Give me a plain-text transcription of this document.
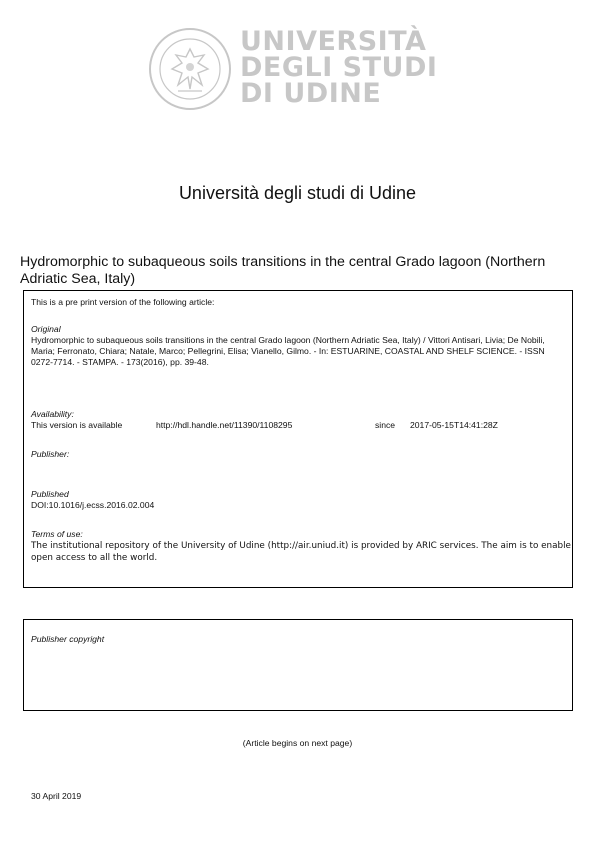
UNIVERSITÀ
DEGLI STUDI
DI UDINE
Università degli studi di Udine
Hydromorphic to subaqueous soils transitions in the central Grado lagoon (Northern Adriatic Sea, Italy)
This is a pre print version of the following article:
Original
Hydromorphic to subaqueous soils transitions in the central Grado lagoon (Northern Adriatic Sea, Italy) / Vittori Antisari, Livia; De Nobili, Maria; Ferronato, Chiara; Natale, Marco; Pellegrini, Elisa; Vianello, Gilmo. - In: ESTUARINE, COASTAL AND SHELF SCIENCE. - ISSN 0272-7714. - STAMPA. - 173(2016), pp. 39-48.
Availability:
This version is available	http://hdl.handle.net/11390/1108295	since 2017-05-15T14:41:28Z
Publisher:
Published
DOI:10.1016/j.ecss.2016.02.004
Terms of use:
The institutional repository of the University of Udine (http://air.uniud.it) is provided by ARIC services. The aim is to enable open access to all the world.
Publisher copyright
(Article begins on next page)
30 April 2019
